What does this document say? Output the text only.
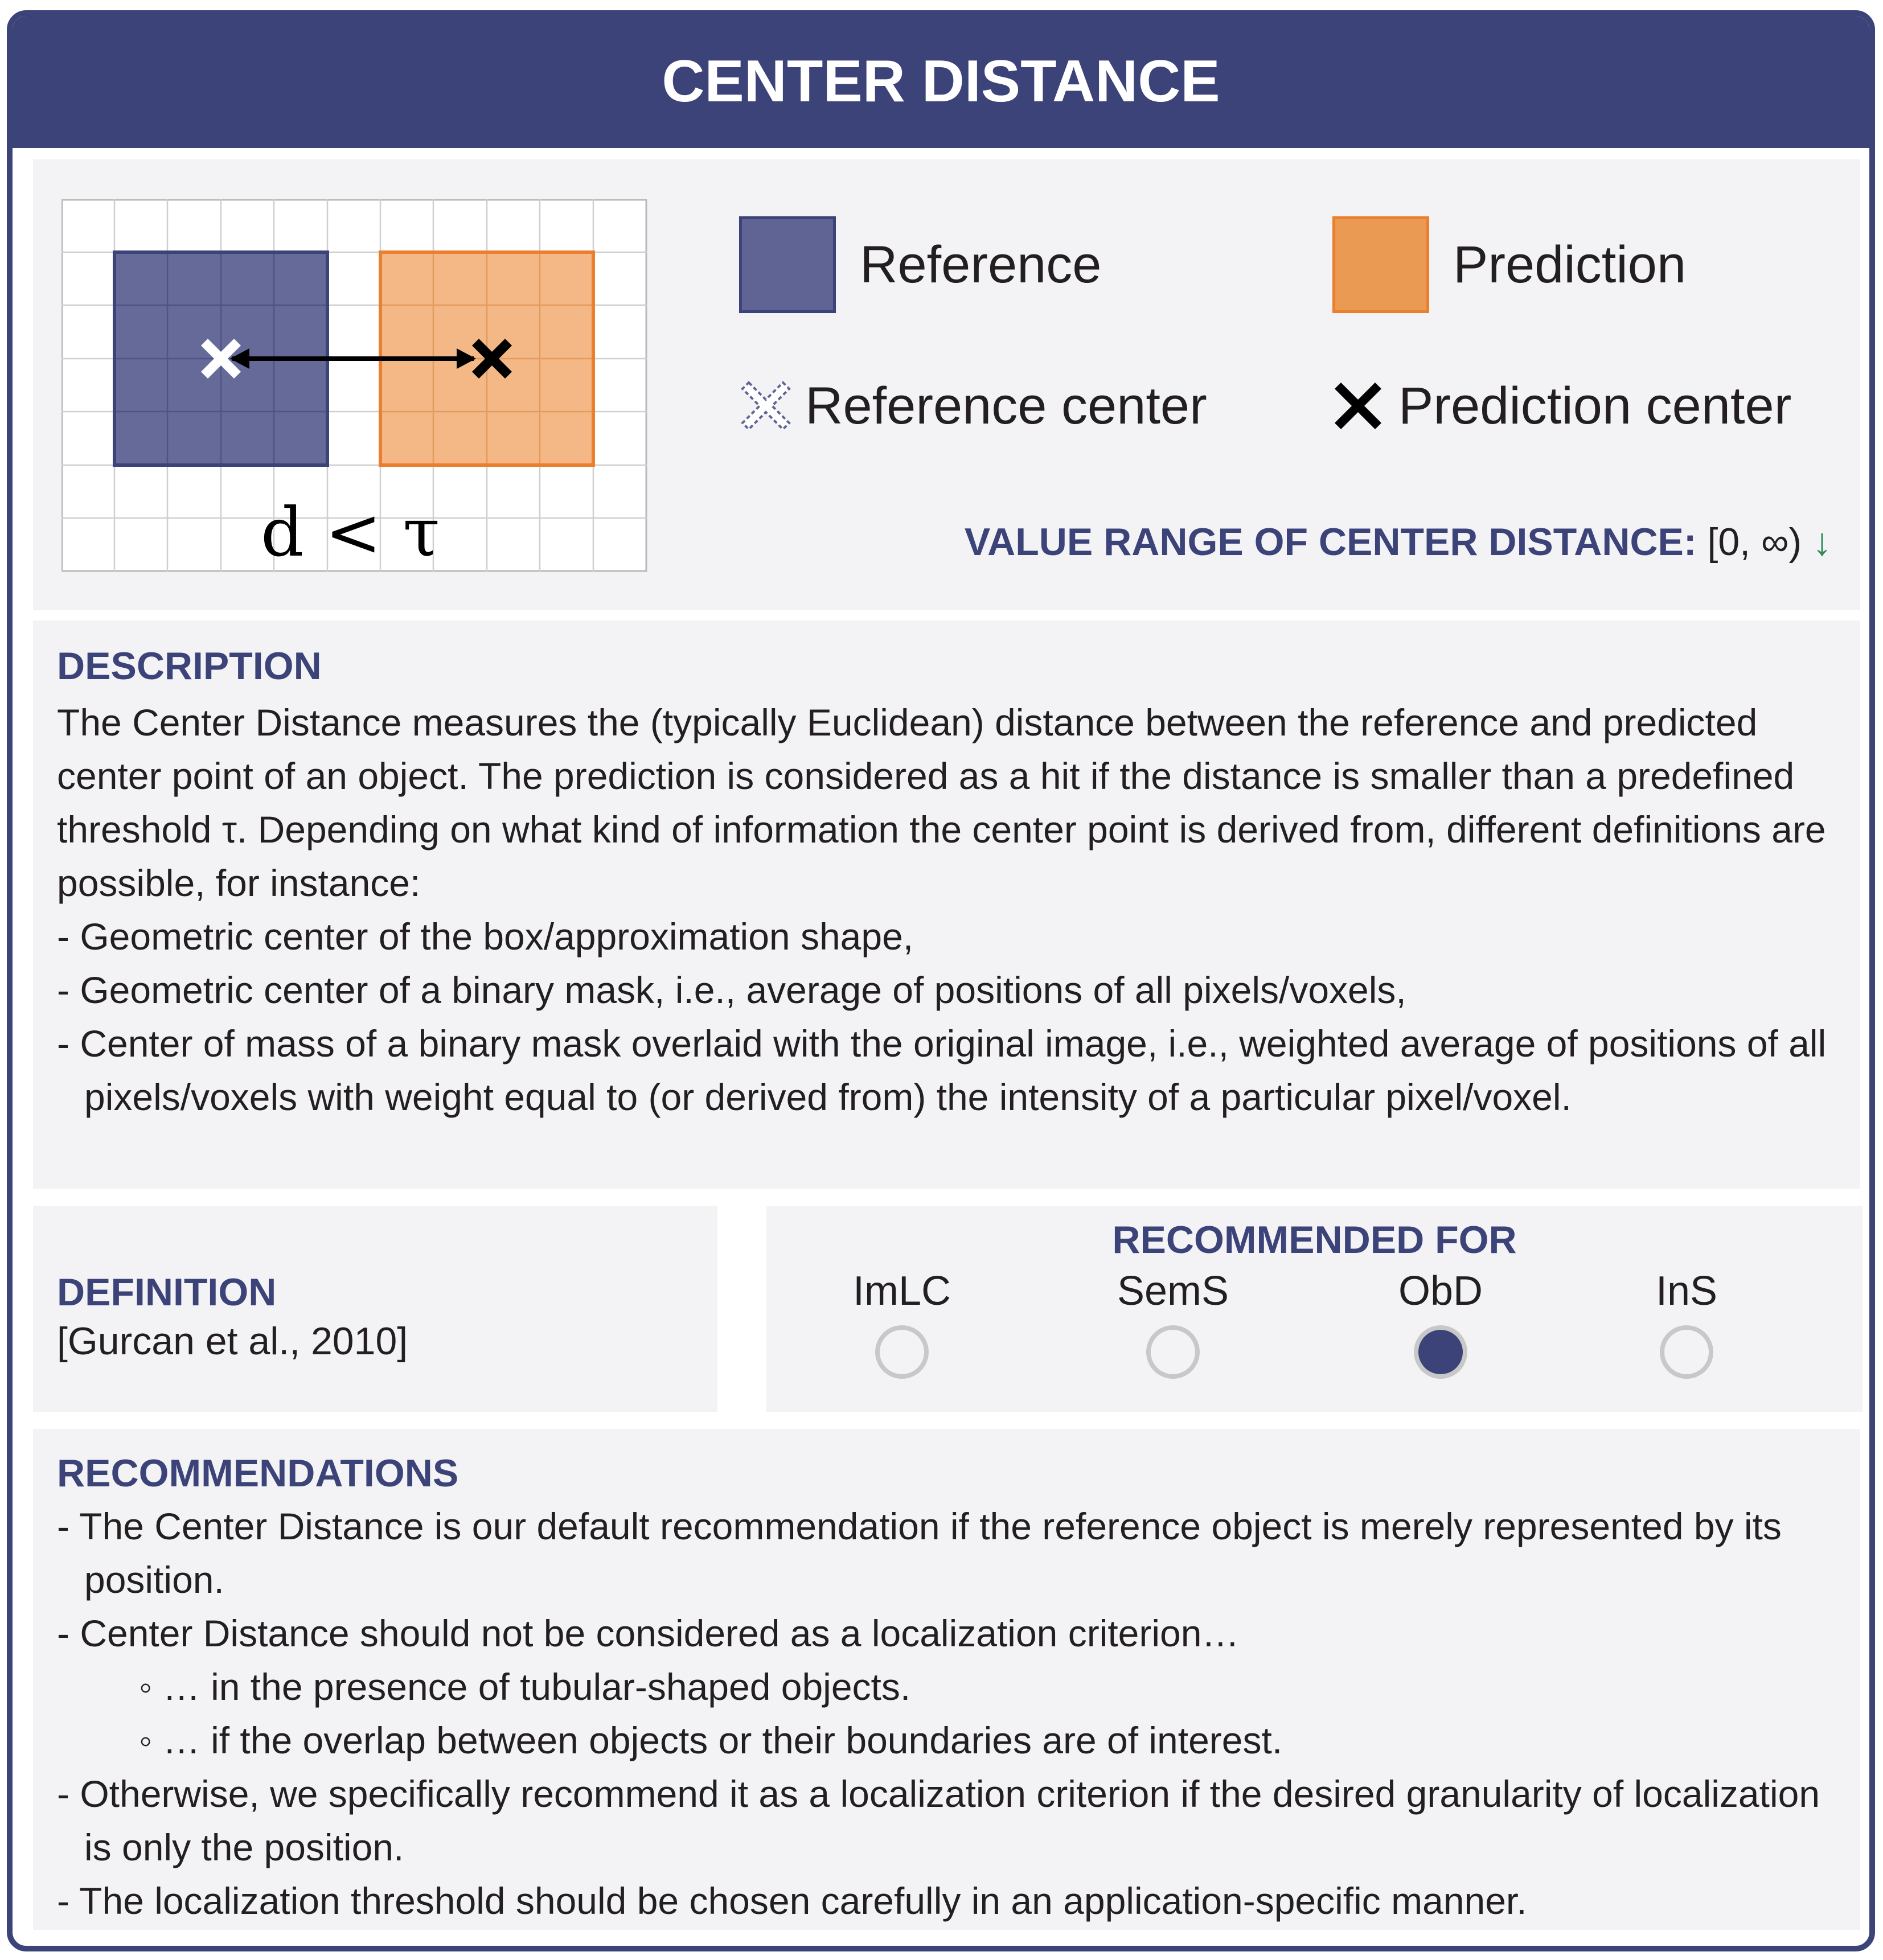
CENTER DISTANCE
d < τ
Reference	Prediction
Reference center	Prediction center
VALUE RANGE OF CENTER DISTANCE: [0, ∞) ↓
DESCRIPTION
The Center Distance measures the (typically Euclidean) distance between the reference and predicted center point of an object. The prediction is considered as a hit if the distance is smaller than a predefined threshold τ. Depending on what kind of information the center point is derived from, different definitions are possible, for instance:
- Geometric center of the box/approximation shape,
- Geometric center of a binary mask, i.e., average of positions of all pixels/voxels,
- Center of mass of a binary mask overlaid with the original image, i.e., weighted average of positions of all pixels/voxels with weight equal to (or derived from) the intensity of a particular pixel/voxel.
DEFINITION
[Gurcan et al., 2010]
RECOMMENDED FOR
ImLC	SemS	ObD	InS
RECOMMENDATIONS
- The Center Distance is our default recommendation if the reference object is merely represented by its position.
- Center Distance should not be considered as a localization criterion…
◦ … in the presence of tubular-shaped objects.
◦ … if the overlap between objects or their boundaries are of interest.
- Otherwise, we specifically recommend it as a localization criterion if the desired granularity of localization is only the position.
- The localization threshold should be chosen carefully in an application-specific manner.
